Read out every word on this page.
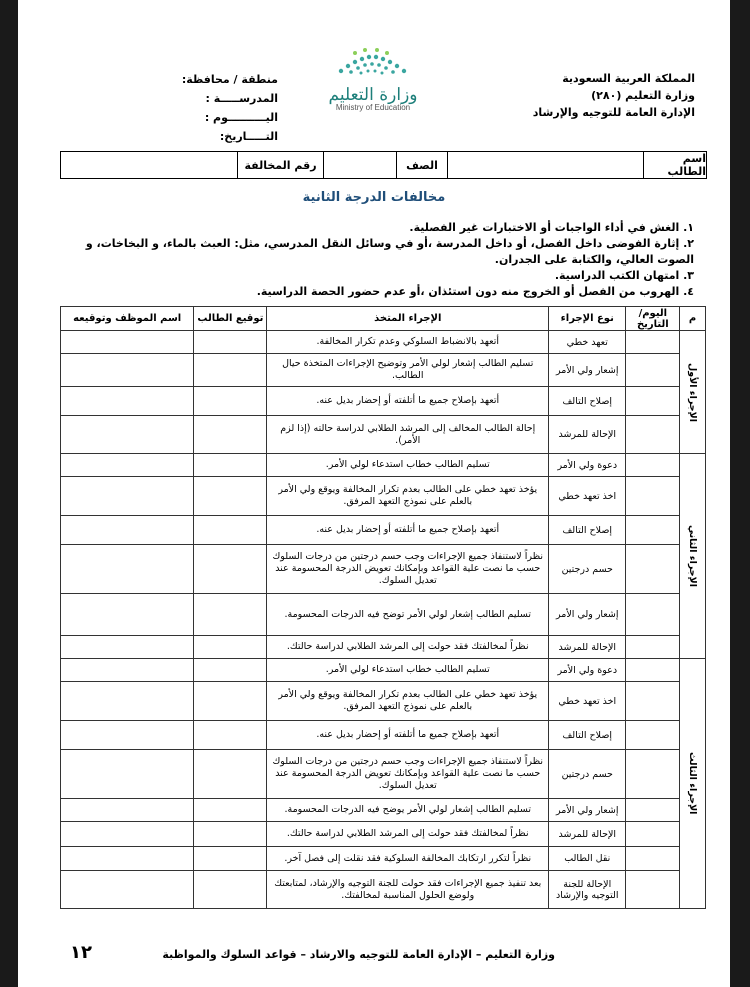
المملكة العربية السعودية
وزارة التعليم (٢٨٠)
الإدارة العامة للتوجيه والإرشاد
وزارة التعليم
Ministry of Education
منطقة / محافظة:
المدرســـــة :
اليــــــــــوم :
التـــــاريخ:
اسم الطالب
الصف
رقم المخالفة
مخالفات الدرجة الثانية

١. الغش في أداء الواجبات أو الاختبارات غير الفصلية.

٢. إثارة الفوضى داخل الفصل، أو داخل المدرسة ،أو في وسائل النقل المدرسي، مثل: العبث بالماء، و البخاخات، و الصوت العالي، والكتابة على الجدران.

٣. امتهان الكتب الدراسية.

٤. الهروب من الفصل أو الخروج منه دون استئذان ،أو عدم حضور الحصة الدراسية.

م	اليوم/ التاريخ	نوع الإجراء	الإجراء المتخذ	توقيع الطالب	اسم الموظف وتوقيعه
الإجراء الأول		تعهد خطي	أتعهد بالانضباط السلوكي وعدم تكرار المخالفة.		
		إشعار ولي الأمر	تسليم الطالب إشعار لولي الأمر وتوضيح الإجراءات المتخذة حيال الطالب.		
		إصلاح التالف	أتعهد بإصلاح جميع ما أتلفته أو إحضار بديل عنه.		
		الإحالة للمرشد	إحالة الطالب المخالف إلى المرشد الطلابي لدراسة حالته (إذا لزم الأمر).		
الإجراء الثاني		دعوة ولي الأمر	تسليم الطالب خطاب استدعاء لولي الأمر.		
		اخذ تعهد خطي	يؤخذ تعهد خطي على الطالب بعدم تكرار المخالفة ويوقع ولي الأمر بالعلم على نموذج التعهد المرفق.		
		إصلاح التالف	أتعهد بإصلاح جميع ما أتلفته أو إحضار بديل عنه.		
		حسم درجتين	نظراً لاستنفاذ جميع الإجراءات وجب حسم درجتين من درجات السلوك حسب ما نصت علية القواعد وبإمكانك تعويض الدرجة المحسومة عند تعديل السلوك.		
		إشعار ولي الأمر	تسليم الطالب إشعار لولي الأمر توضح فيه الدرجات المحسومة.		
		الإحالة للمرشد	نظراً لمخالفتك فقد حولت إلى المرشد الطلابي لدراسة حالتك.		
الإجراء الثالث		دعوة ولي الأمر	تسليم الطالب خطاب استدعاء لولي الأمر.		
		اخذ تعهد خطي	يؤخذ تعهد خطي على الطالب بعدم تكرار المخالفة ويوقع ولي الأمر بالعلم على نموذج التعهد المرفق.		
		إصلاح التالف	أتعهد بإصلاح جميع ما أتلفته أو إحضار بديل عنه.		
		حسم درجتين	نظراً لاستنفاذ جميع الإجراءات وجب حسم درجتين من درجات السلوك حسب ما نصت علية القواعد وبإمكانك تعويض الدرجة المحسومة عند تعديل السلوك.		
		إشعار ولي الأمر	تسليم الطالب إشعار لولي الأمر يوضح فيه الدرجات المحسومة.		
		الإحالة للمرشد	نظراً لمخالفتك فقد حولت إلى المرشد الطلابي لدراسة حالتك.		
		نقل الطالب	نظراً لتكرر ارتكابك المخالفة السلوكية فقد نقلت إلى فصل آخر.		
		الإحالة للجنة التوجيه والإرشاد	بعد تنفيذ جميع الإجراءات فقد حولت للجنة التوجيه والإرشاد، لمتابعتك ولوضع الحلول المناسبة لمخالفتك.		
وزارة التعليم – الإدارة العامة للتوجيه والارشاد – قواعد السلوك والمواظبة
١٢
